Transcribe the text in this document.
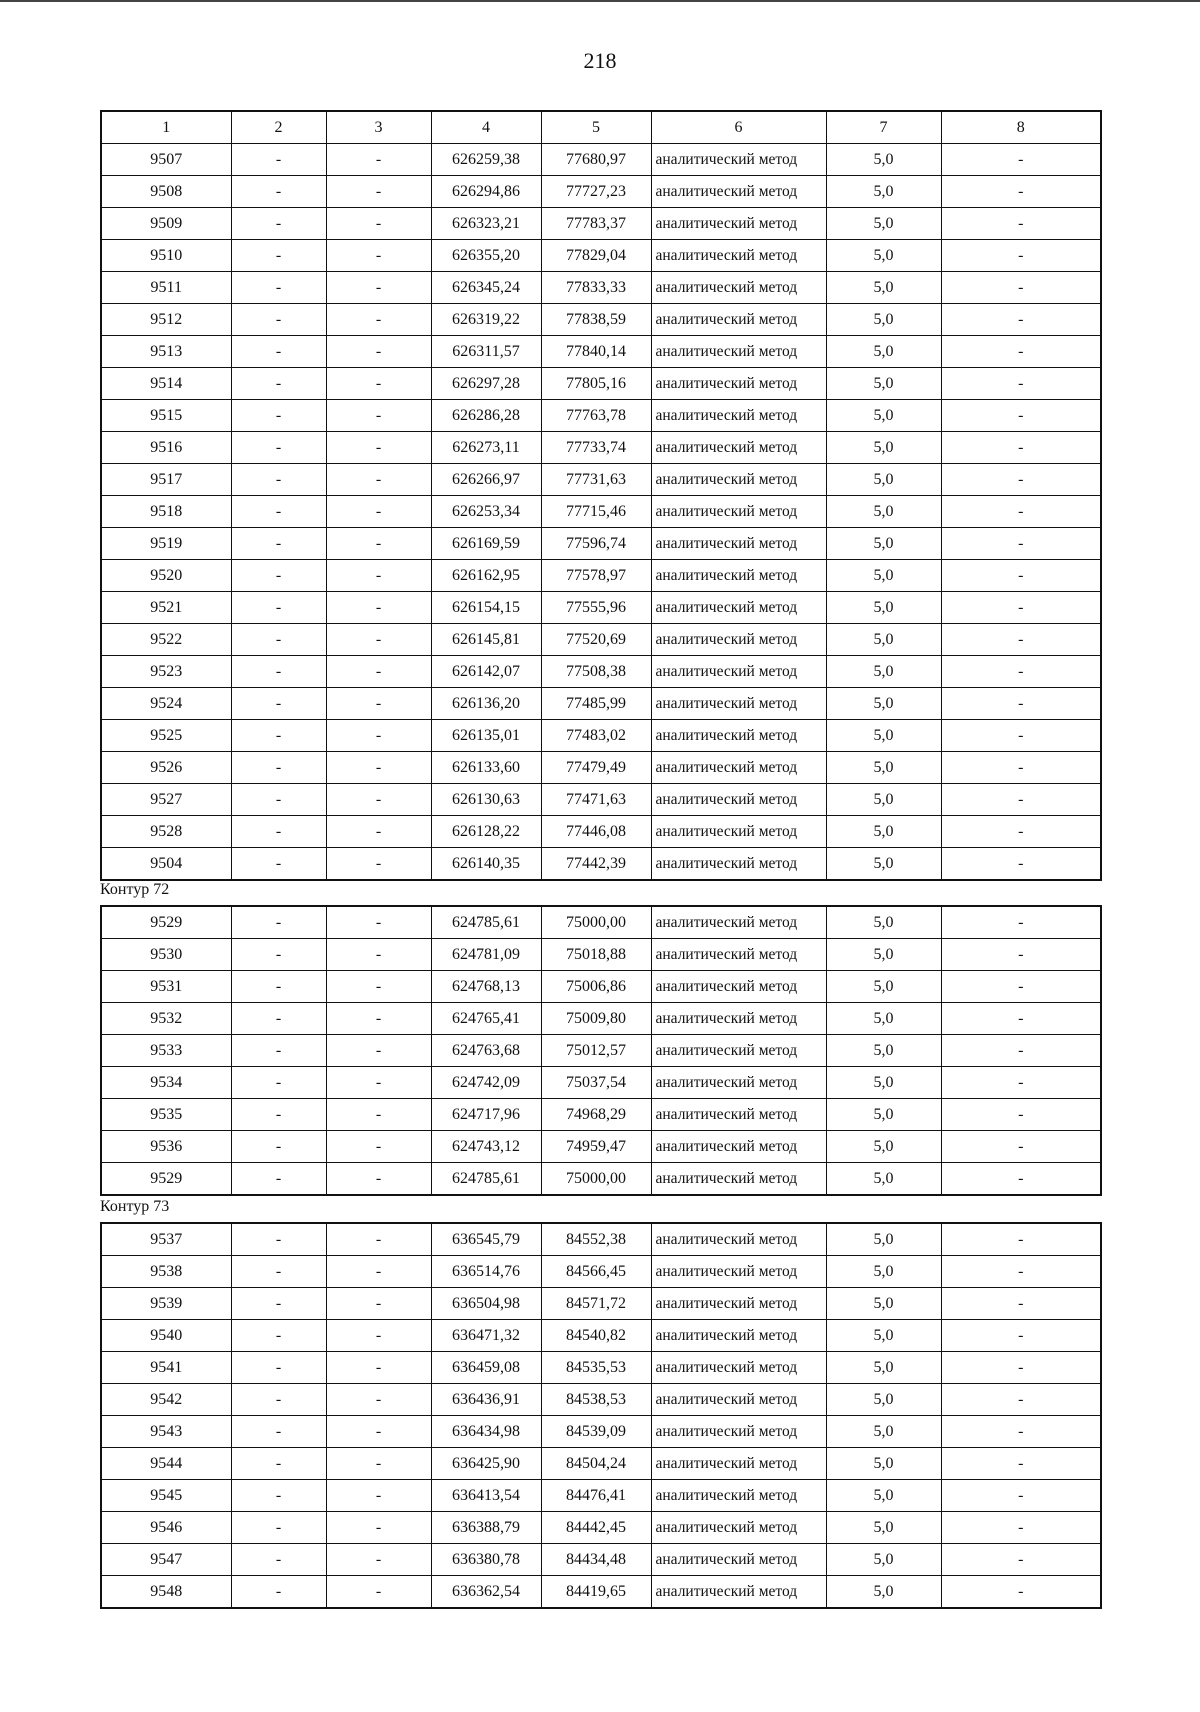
218
1	2	3	4	5	6	7	8
9507	-	-	626259,38	77680,97	аналитический метод	5,0	-
9508	-	-	626294,86	77727,23	аналитический метод	5,0	-
9509	-	-	626323,21	77783,37	аналитический метод	5,0	-
9510	-	-	626355,20	77829,04	аналитический метод	5,0	-
9511	-	-	626345,24	77833,33	аналитический метод	5,0	-
9512	-	-	626319,22	77838,59	аналитический метод	5,0	-
9513	-	-	626311,57	77840,14	аналитический метод	5,0	-
9514	-	-	626297,28	77805,16	аналитический метод	5,0	-
9515	-	-	626286,28	77763,78	аналитический метод	5,0	-
9516	-	-	626273,11	77733,74	аналитический метод	5,0	-
9517	-	-	626266,97	77731,63	аналитический метод	5,0	-
9518	-	-	626253,34	77715,46	аналитический метод	5,0	-
9519	-	-	626169,59	77596,74	аналитический метод	5,0	-
9520	-	-	626162,95	77578,97	аналитический метод	5,0	-
9521	-	-	626154,15	77555,96	аналитический метод	5,0	-
9522	-	-	626145,81	77520,69	аналитический метод	5,0	-
9523	-	-	626142,07	77508,38	аналитический метод	5,0	-
9524	-	-	626136,20	77485,99	аналитический метод	5,0	-
9525	-	-	626135,01	77483,02	аналитический метод	5,0	-
9526	-	-	626133,60	77479,49	аналитический метод	5,0	-
9527	-	-	626130,63	77471,63	аналитический метод	5,0	-
9528	-	-	626128,22	77446,08	аналитический метод	5,0	-
9504	-	-	626140,35	77442,39	аналитический метод	5,0	-
Контур 72
9529	-	-	624785,61	75000,00	аналитический метод	5,0	-
9530	-	-	624781,09	75018,88	аналитический метод	5,0	-
9531	-	-	624768,13	75006,86	аналитический метод	5,0	-
9532	-	-	624765,41	75009,80	аналитический метод	5,0	-
9533	-	-	624763,68	75012,57	аналитический метод	5,0	-
9534	-	-	624742,09	75037,54	аналитический метод	5,0	-
9535	-	-	624717,96	74968,29	аналитический метод	5,0	-
9536	-	-	624743,12	74959,47	аналитический метод	5,0	-
9529	-	-	624785,61	75000,00	аналитический метод	5,0	-
Контур 73
9537	-	-	636545,79	84552,38	аналитический метод	5,0	-
9538	-	-	636514,76	84566,45	аналитический метод	5,0	-
9539	-	-	636504,98	84571,72	аналитический метод	5,0	-
9540	-	-	636471,32	84540,82	аналитический метод	5,0	-
9541	-	-	636459,08	84535,53	аналитический метод	5,0	-
9542	-	-	636436,91	84538,53	аналитический метод	5,0	-
9543	-	-	636434,98	84539,09	аналитический метод	5,0	-
9544	-	-	636425,90	84504,24	аналитический метод	5,0	-
9545	-	-	636413,54	84476,41	аналитический метод	5,0	-
9546	-	-	636388,79	84442,45	аналитический метод	5,0	-
9547	-	-	636380,78	84434,48	аналитический метод	5,0	-
9548	-	-	636362,54	84419,65	аналитический метод	5,0	-
